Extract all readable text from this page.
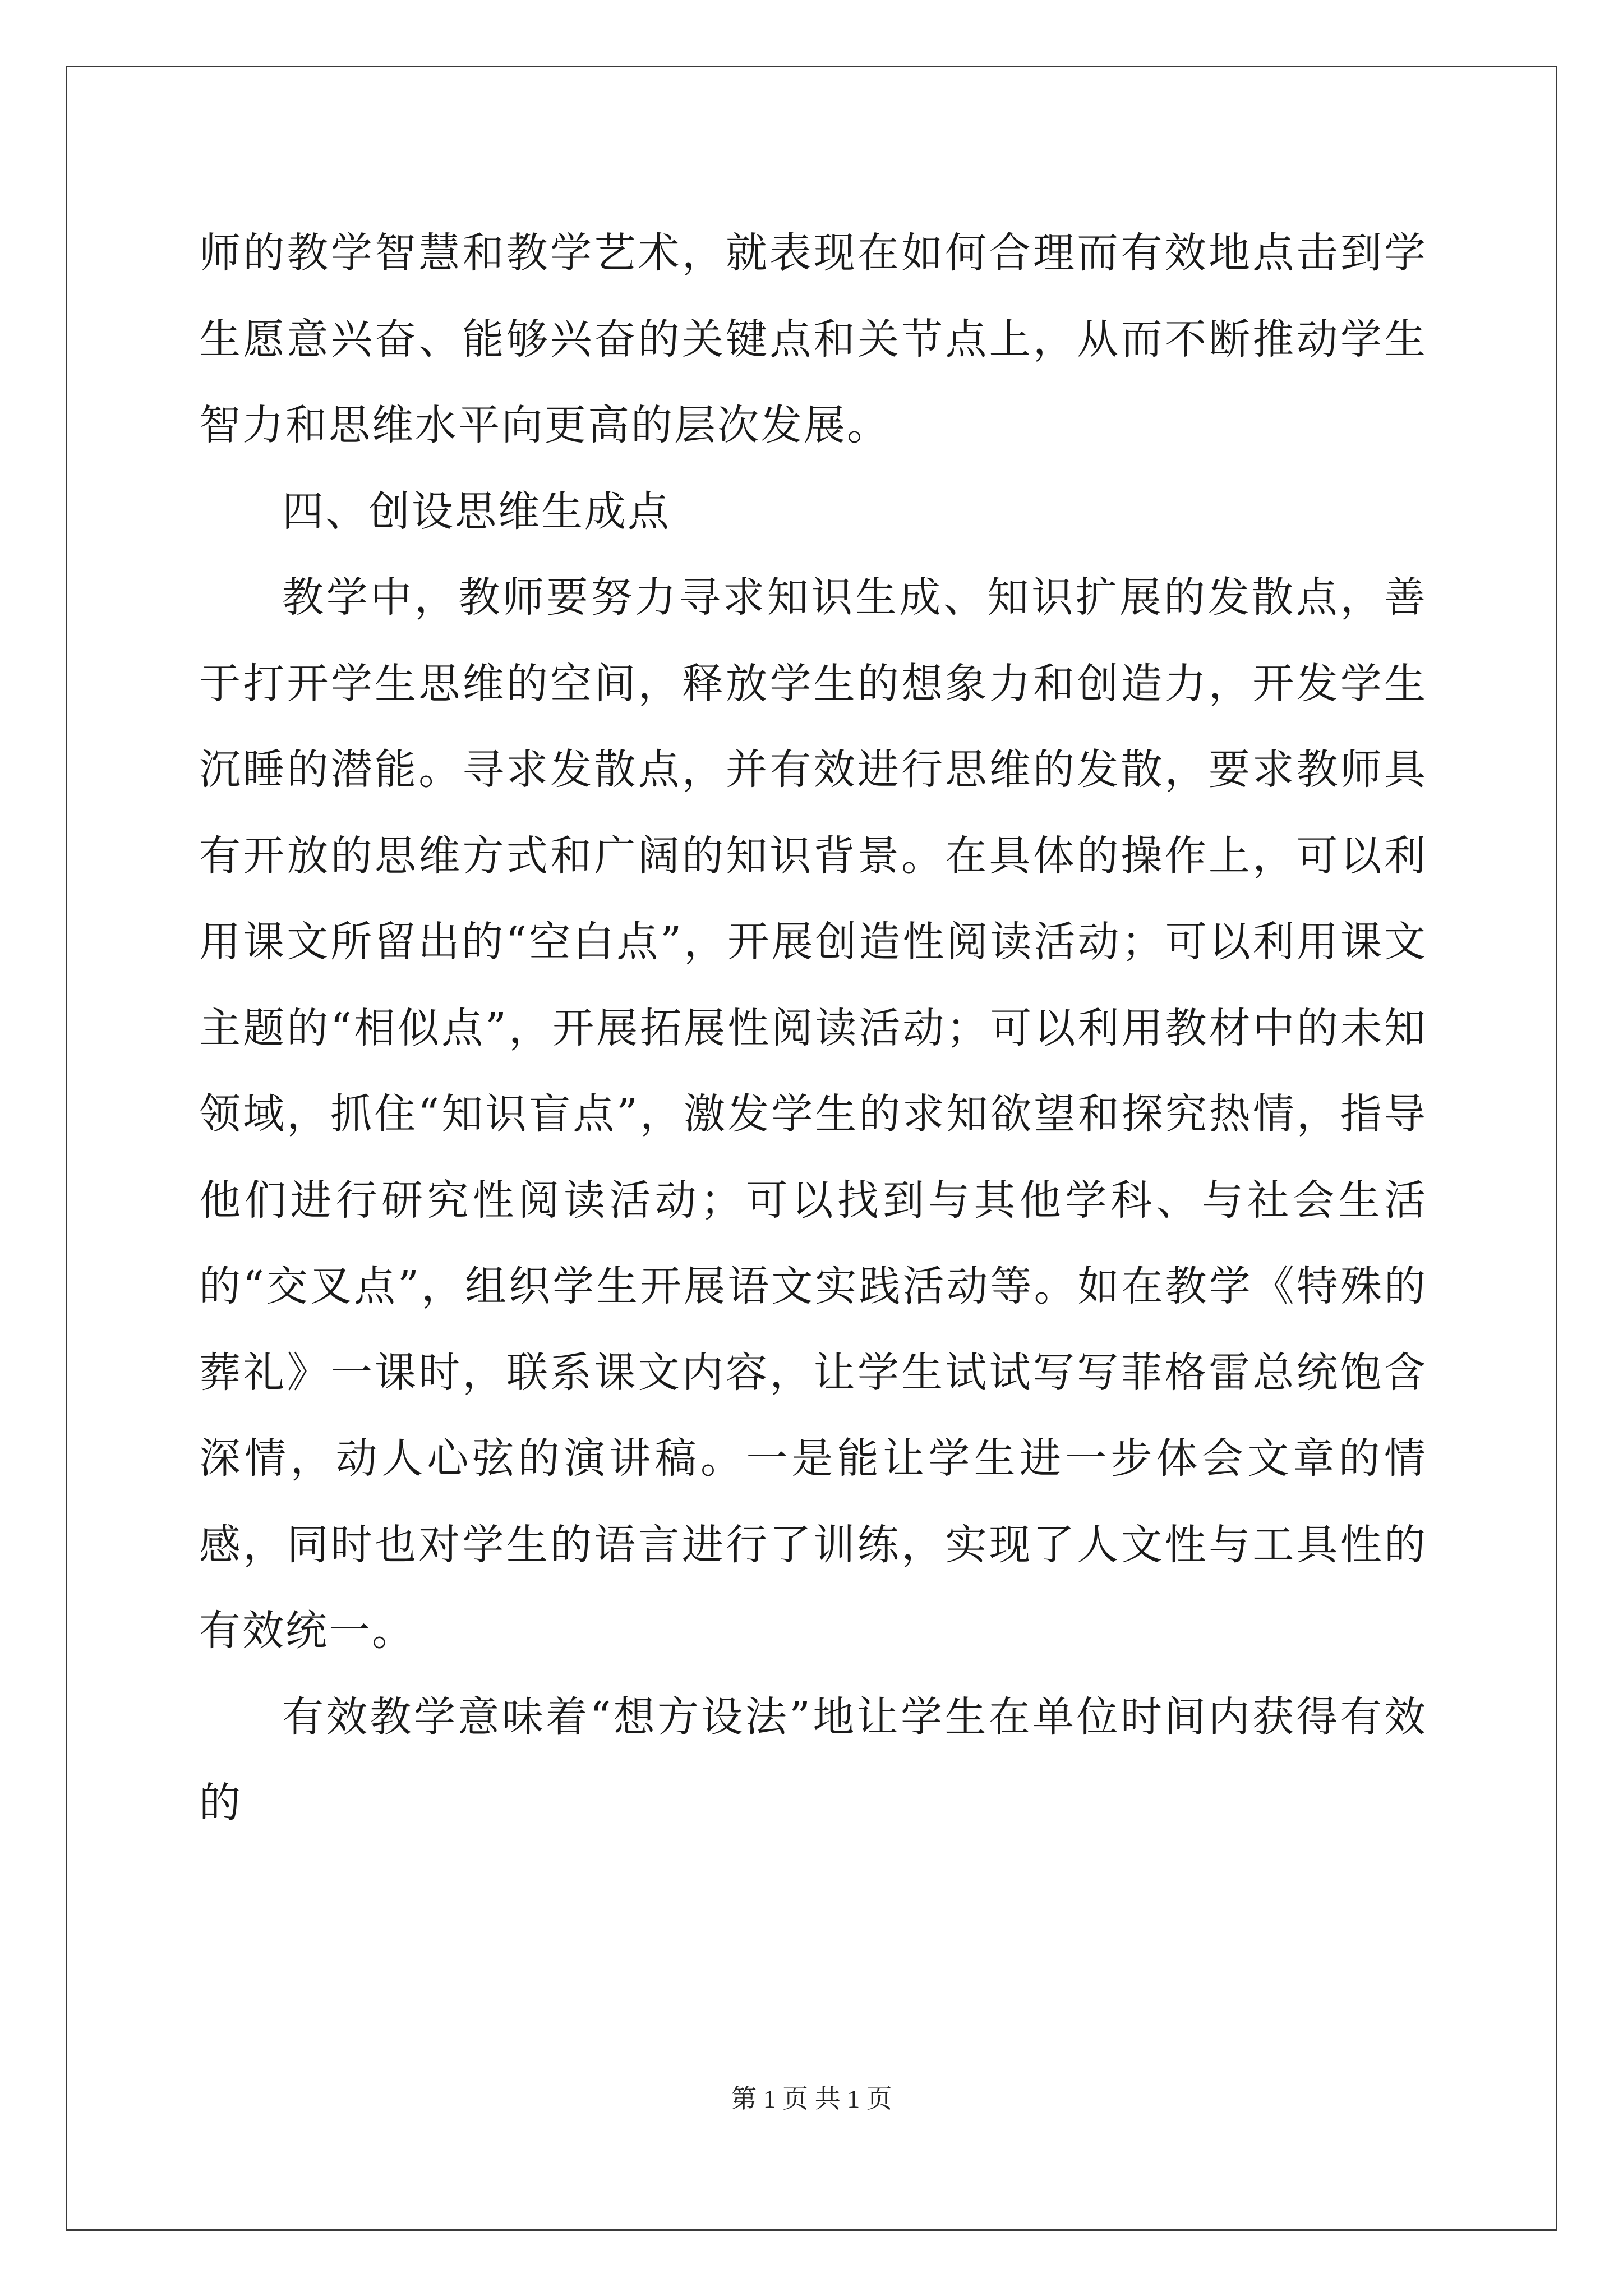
师的教学智慧和教学艺术，就表现在如何合理而有效地点击到学生愿意兴奋、能够兴奋的关键点和关节点上，从而不断推动学生智力和思维水平向更高的层次发展。

四、创设思维生成点

教学中，教师要努力寻求知识生成、知识扩展的发散点，善于打开学生思维的空间，释放学生的想象力和创造力，开发学生沉睡的潜能。寻求发散点，并有效进行思维的发散，要求教师具有开放的思维方式和广阔的知识背景。在具体的操作上，可以利用课文所留出的“空白点”，开展创造性阅读活动；可以利用课文主题的“相似点”，开展拓展性阅读活动；可以利用教材中的未知领域，抓住“知识盲点”，激发学生的求知欲望和探究热情，指导他们进行研究性阅读活动；可以找到与其他学科、与社会生活的“交叉点”，组织学生开展语文实践活动等。如在教学《特殊的葬礼》一课时，联系课文内容，让学生试试写写菲格雷总统饱含深情，动人心弦的演讲稿。一是能让学生进一步体会文章的情感，同时也对学生的语言进行了训练，实现了人文性与工具性的有效统一。

有效教学意味着“想方设法”地让学生在单位时间内获得有效的

第 1 页 共 1 页
